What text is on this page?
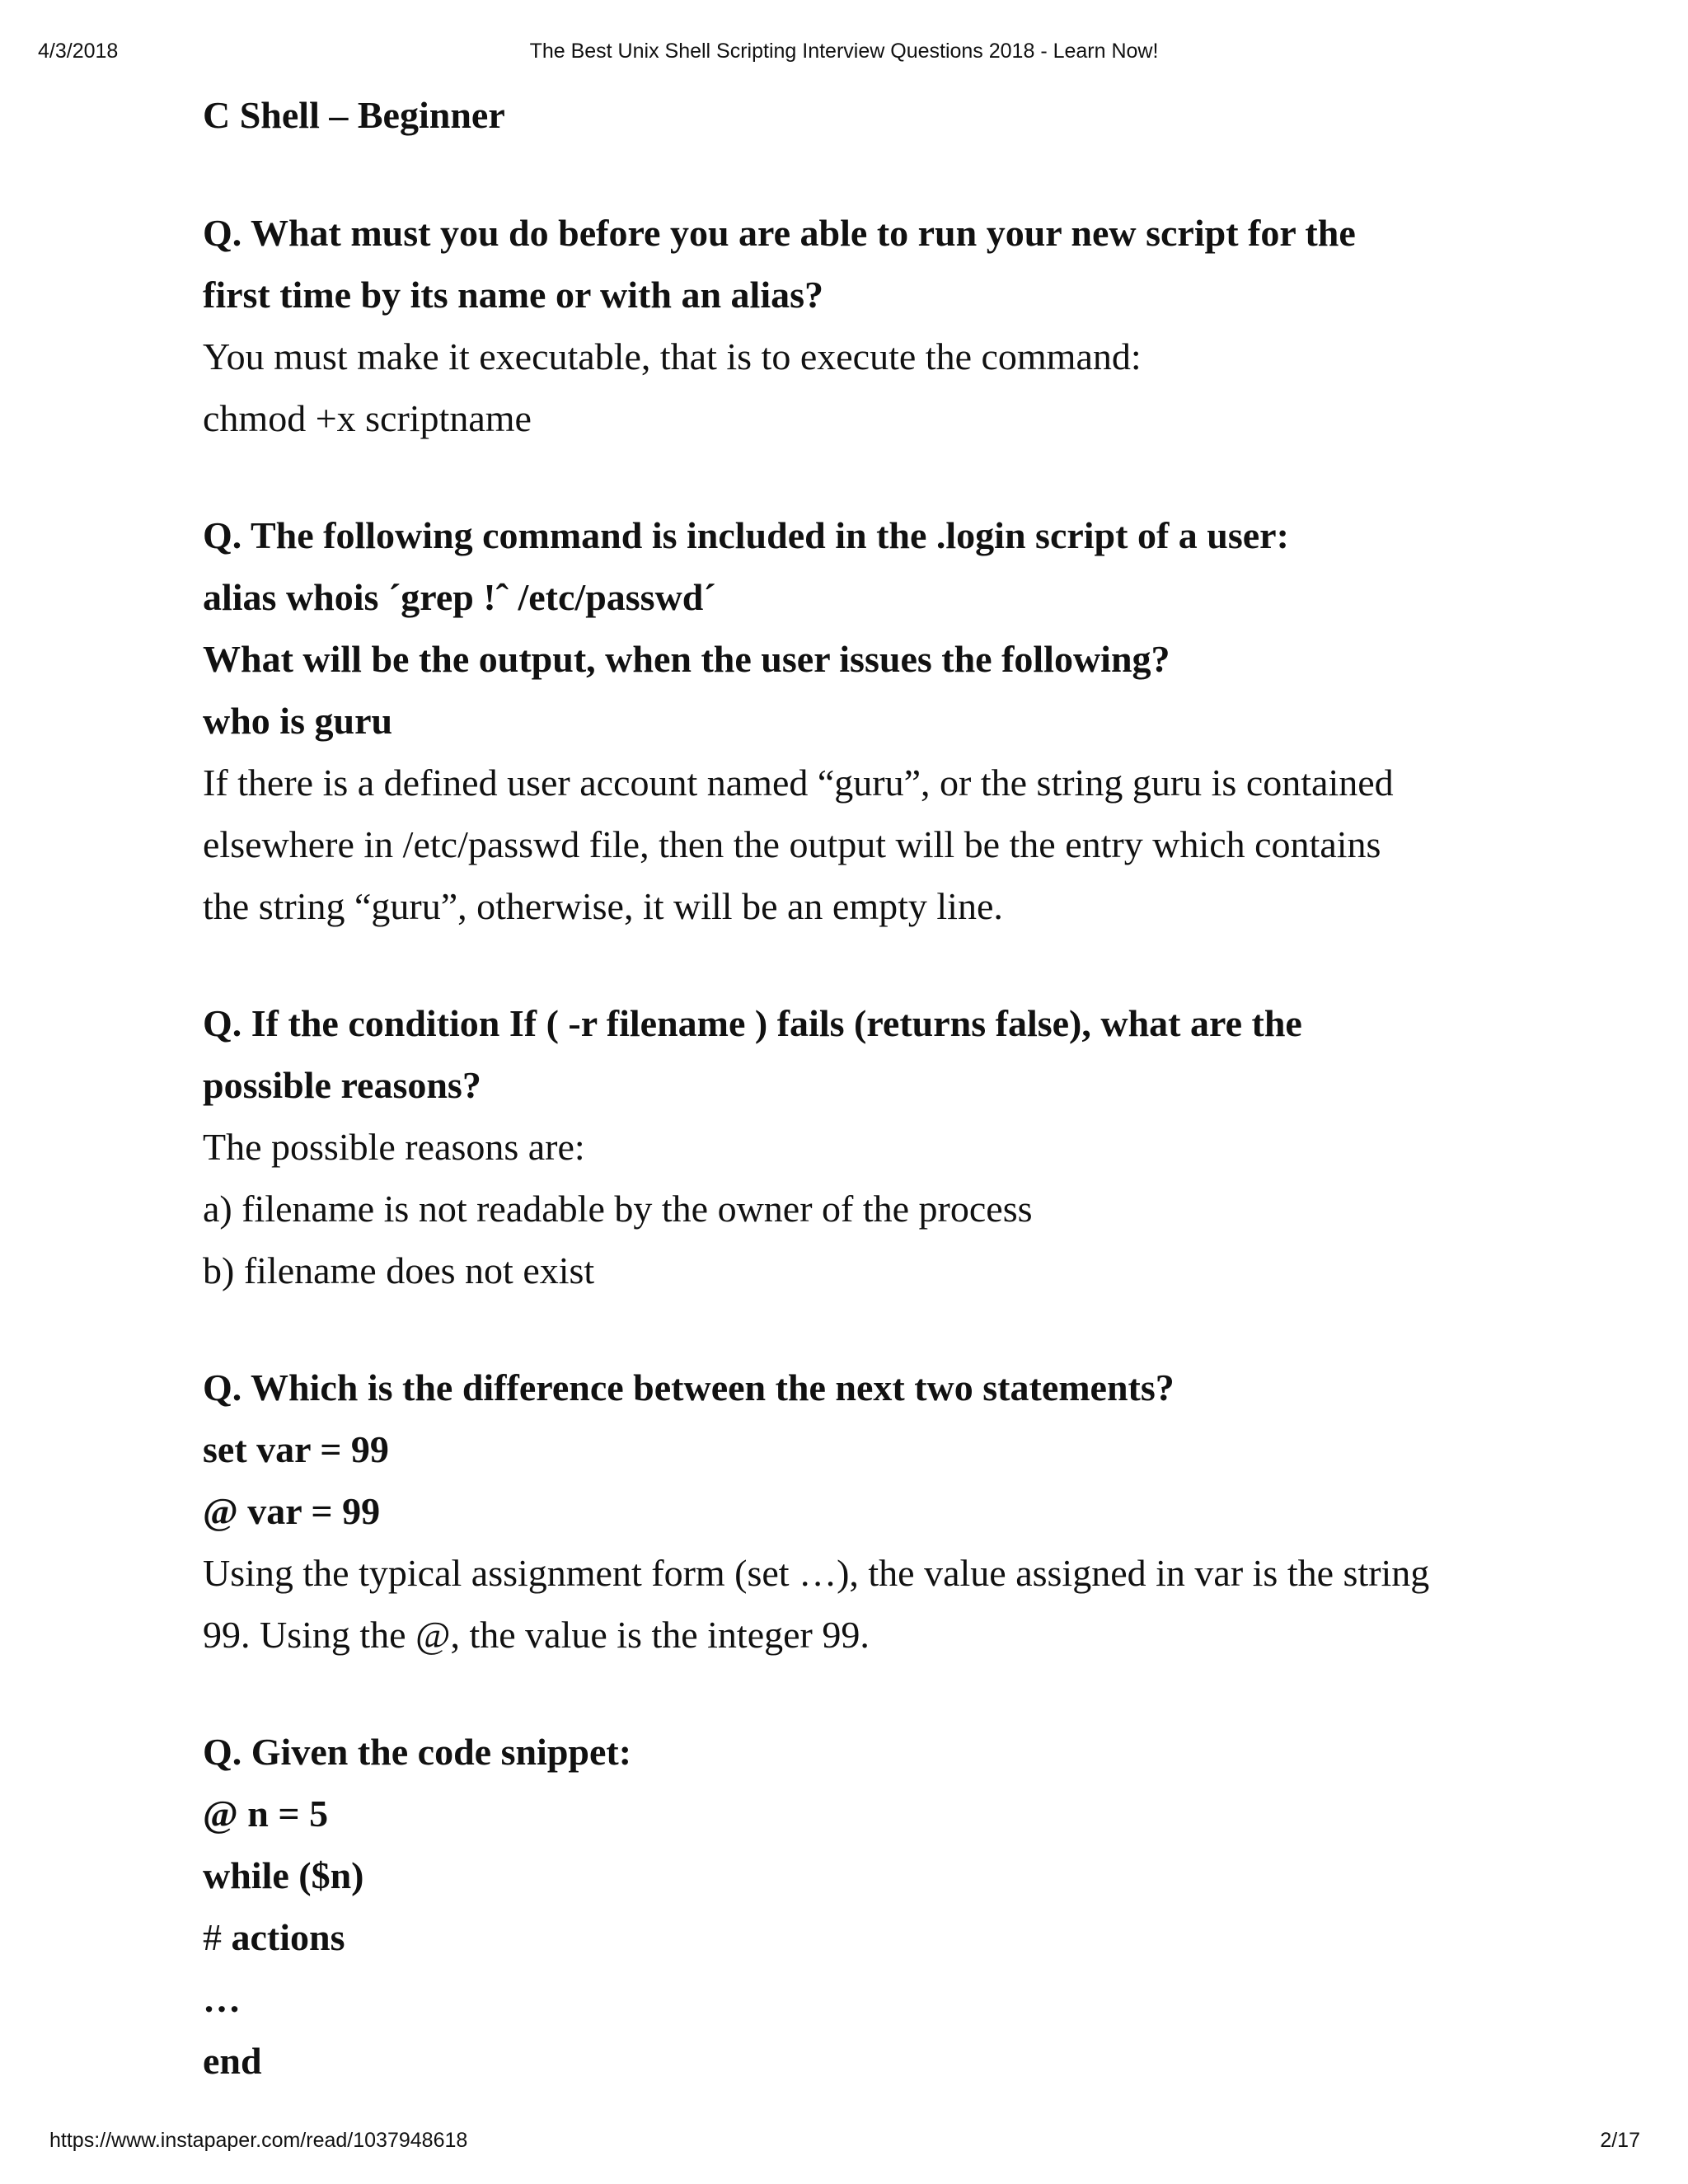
4/3/2018	The Best Unix Shell Scripting Interview Questions 2018 - Learn Now!
C Shell – Beginner
Q. What must you do before you are able to run your new script for the
first time by its name or with an alias?
You must make it executable, that is to execute the command:
chmod +x scriptname
Q. The following command is included in the .login script of a user:
alias whois ´grep !ˆ /etc/passwd´
What will be the output, when the user issues the following?
who is guru
If there is a defined user account named “guru”, or the string guru is contained
elsewhere in /etc/passwd file, then the output will be the entry which contains
the string “guru”, otherwise, it will be an empty line.
Q. If the condition If ( -r filename ) fails (returns false), what are the
possible reasons?
The possible reasons are:
a) filename is not readable by the owner of the process
b) filename does not exist
Q. Which is the difference between the next two statements?
set var = 99
@ var = 99
Using the typical assignment form (set …), the value assigned in var is the string
99. Using the @, the value is the integer 99.
Q. Given the code snippet:
@ n = 5
while ($n)
# actions
…
end
https://www.instapaper.com/read/1037948618	2/17
